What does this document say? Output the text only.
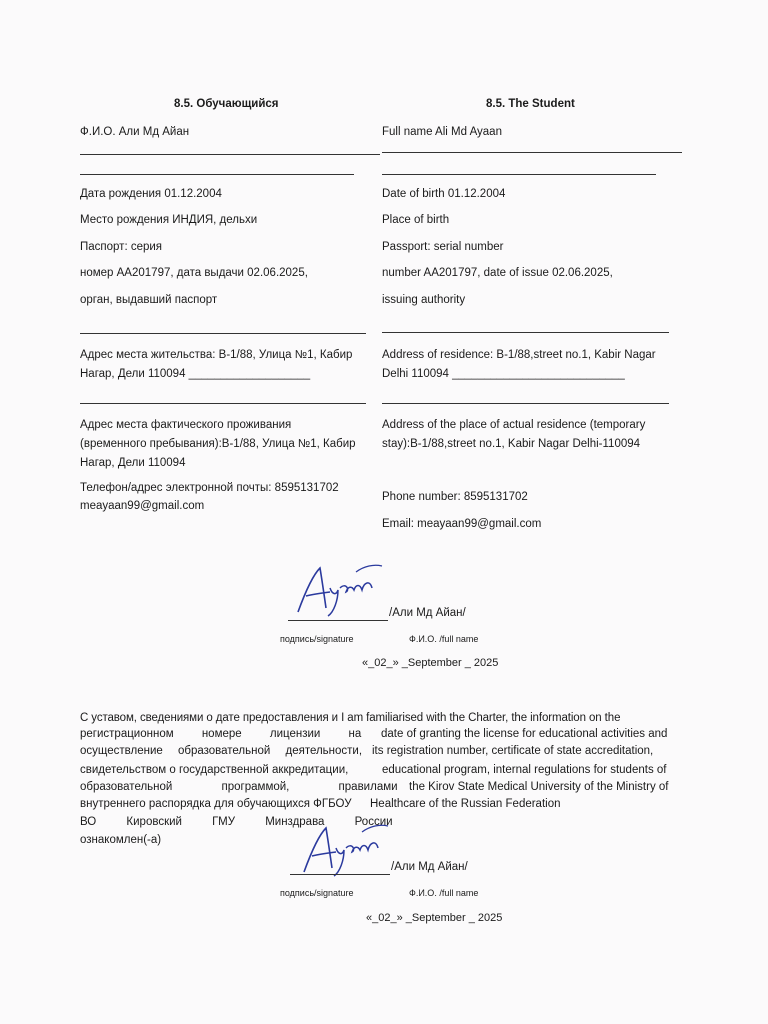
8.5. Обучающийся
Ф.И.О. Али Мд Айан
Дата рождения 01.12.2004
Место рождения ИНДИЯ, дельхи
Паспорт: серия
номер AA201797, дата выдачи 02.06.2025,
орган, выдавший паспорт
Адрес места жительства: B-1/88, Улица №1, Кабир
Нагар, Дели 110094 ___________________
Адрес места фактического проживания
(временного пребывания):B-1/88, Улица №1, Кабир
Нагар, Дели 110094
Телефон/адрес электронной почты: 8595131702
meayaan99@gmail.com
8.5. The Student
Full name Ali Md Ayaan
Date of birth 01.12.2004
Place of birth
Passport: serial number
number AA201797, date of issue 02.06.2025,
issuing authority
Address of residence: B-1/88,street no.1, Kabir Nagar
Delhi 110094 ___________________________
Address of the place of actual residence (temporary
stay):B-1/88,street no.1, Kabir Nagar Delhi-110094
Phone number: 8595131702
Email: meayaan99@gmail.com
/Али Мд Айан/
подпись/signature	Ф.И.О. /full name
«_02_» _September _ 2025
С уставом, сведениями о дате предоставления и I am familiarised with the Charter, the information on the
регистрационном номере лицензии на date of granting the license for educational activities and
осуществление образовательной деятельности, its registration number, certificate of state accreditation,
свидетельством о государственной аккредитации,	educational program, internal regulations for students of
образовательной программой, правилами the Kirov State Medical University of the Ministry of
внутреннего распорядка для обучающихся ФГБОУ Healthcare of the Russian Federation
ВО Кировский ГМУ Минздрава России
ознакомлен(-а)
/Али Мд Айан/
подпись/signature	Ф.И.О. /full name
«_02_» _September _ 2025
